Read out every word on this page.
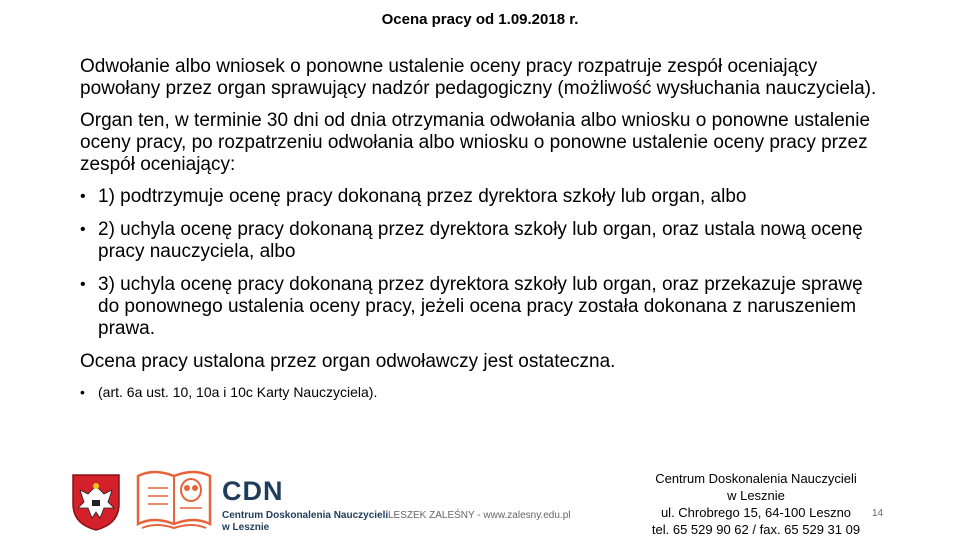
Ocena pracy od 1.09.2018 r.

Odwołanie albo wniosek o ponowne ustalenie oceny pracy rozpatruje zespół oceniający powołany przez organ sprawujący nadzór pedagogiczny (możliwość wysłuchania nauczyciela).

Organ ten, w terminie 30 dni od dnia otrzymania odwołania albo wniosku o ponowne ustalenie oceny pracy, po rozpatrzeniu odwołania albo wniosku o ponowne ustalenie oceny pracy przez zespół oceniający:

• 1) podtrzymuje ocenę pracy dokonaną przez dyrektora szkoły lub organ, albo
• 2) uchyla ocenę pracy dokonaną przez dyrektora szkoły lub organ, oraz ustala nową ocenę pracy nauczyciela, albo
• 3) uchyla ocenę pracy dokonaną przez dyrektora szkoły lub organ, oraz przekazuje sprawę do ponownego ustalenia oceny pracy, jeżeli ocena pracy została dokonana z naruszeniem prawa.

Ocena pracy ustalona przez organ odwoławczy jest ostateczna.

• (art. 6a ust. 10, 10a i 10c Karty Nauczyciela).
CDN
Centrum Doskonalenia Nauczycieli
w Lesznie
LESZEK ZALEŚNY - www.zalesny.edu.pl
Centrum Doskonalenia Nauczycieli
w Lesznie
ul. Chrobrego 15, 64-100 Leszno
tel. 65 529 90 62 / fax. 65 529 31 09
14
